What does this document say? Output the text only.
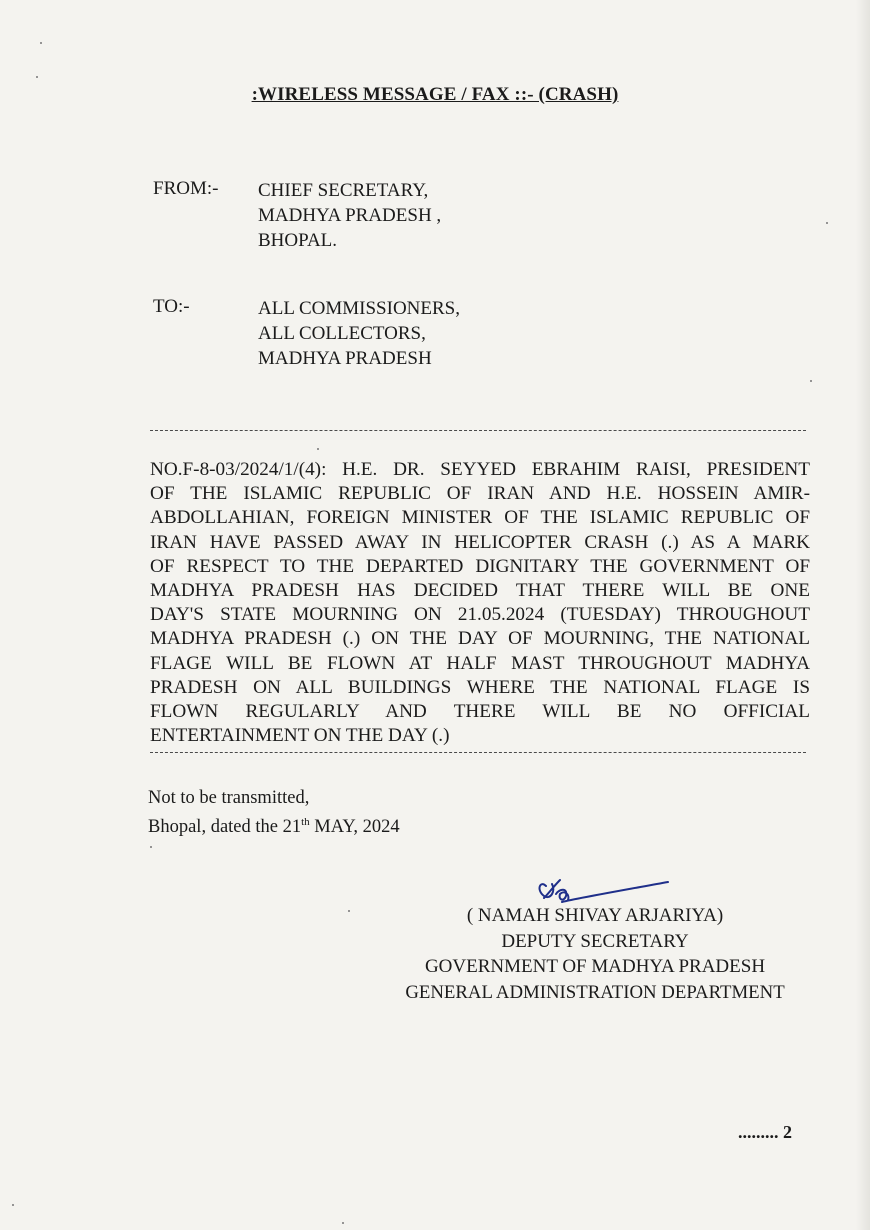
:WIRELESS MESSAGE / FAX ::- (CRASH)
FROM:- CHIEF SECRETARY,
MADHYA PRADESH ,
BHOPAL.
TO:-	ALL COMMISSIONERS,
ALL COLLECTORS,
MADHYA PRADESH
NO.F-8-03/2024/1/(4): H.E. DR. SEYYED EBRAHIM RAISI, PRESIDENT
OF THE ISLAMIC REPUBLIC OF IRAN AND H.E. HOSSEIN AMIR-
ABDOLLAHIAN, FOREIGN MINISTER OF THE ISLAMIC REPUBLIC OF
IRAN HAVE PASSED AWAY IN HELICOPTER CRASH (.) AS A MARK
OF RESPECT TO THE DEPARTED DIGNITARY THE GOVERNMENT OF
MADHYA PRADESH HAS DECIDED THAT THERE WILL BE ONE
DAY'S STATE MOURNING ON 21.05.2024 (TUESDAY) THROUGHOUT
MADHYA PRADESH (.) ON THE DAY OF MOURNING, THE NATIONAL
FLAGE WILL BE FLOWN AT HALF MAST THROUGHOUT MADHYA
PRADESH ON ALL BUILDINGS WHERE THE NATIONAL FLAGE IS
FLOWN REGULARLY AND THERE WILL BE NO OFFICIAL
ENTERTAINMENT ON THE DAY (.)
Not to be transmitted,
Bhopal, dated the 21th MAY, 2024
( NAMAH SHIVAY ARJARIYA)
DEPUTY SECRETARY
GOVERNMENT OF MADHYA PRADESH
GENERAL ADMINISTRATION DEPARTMENT
......... 2
